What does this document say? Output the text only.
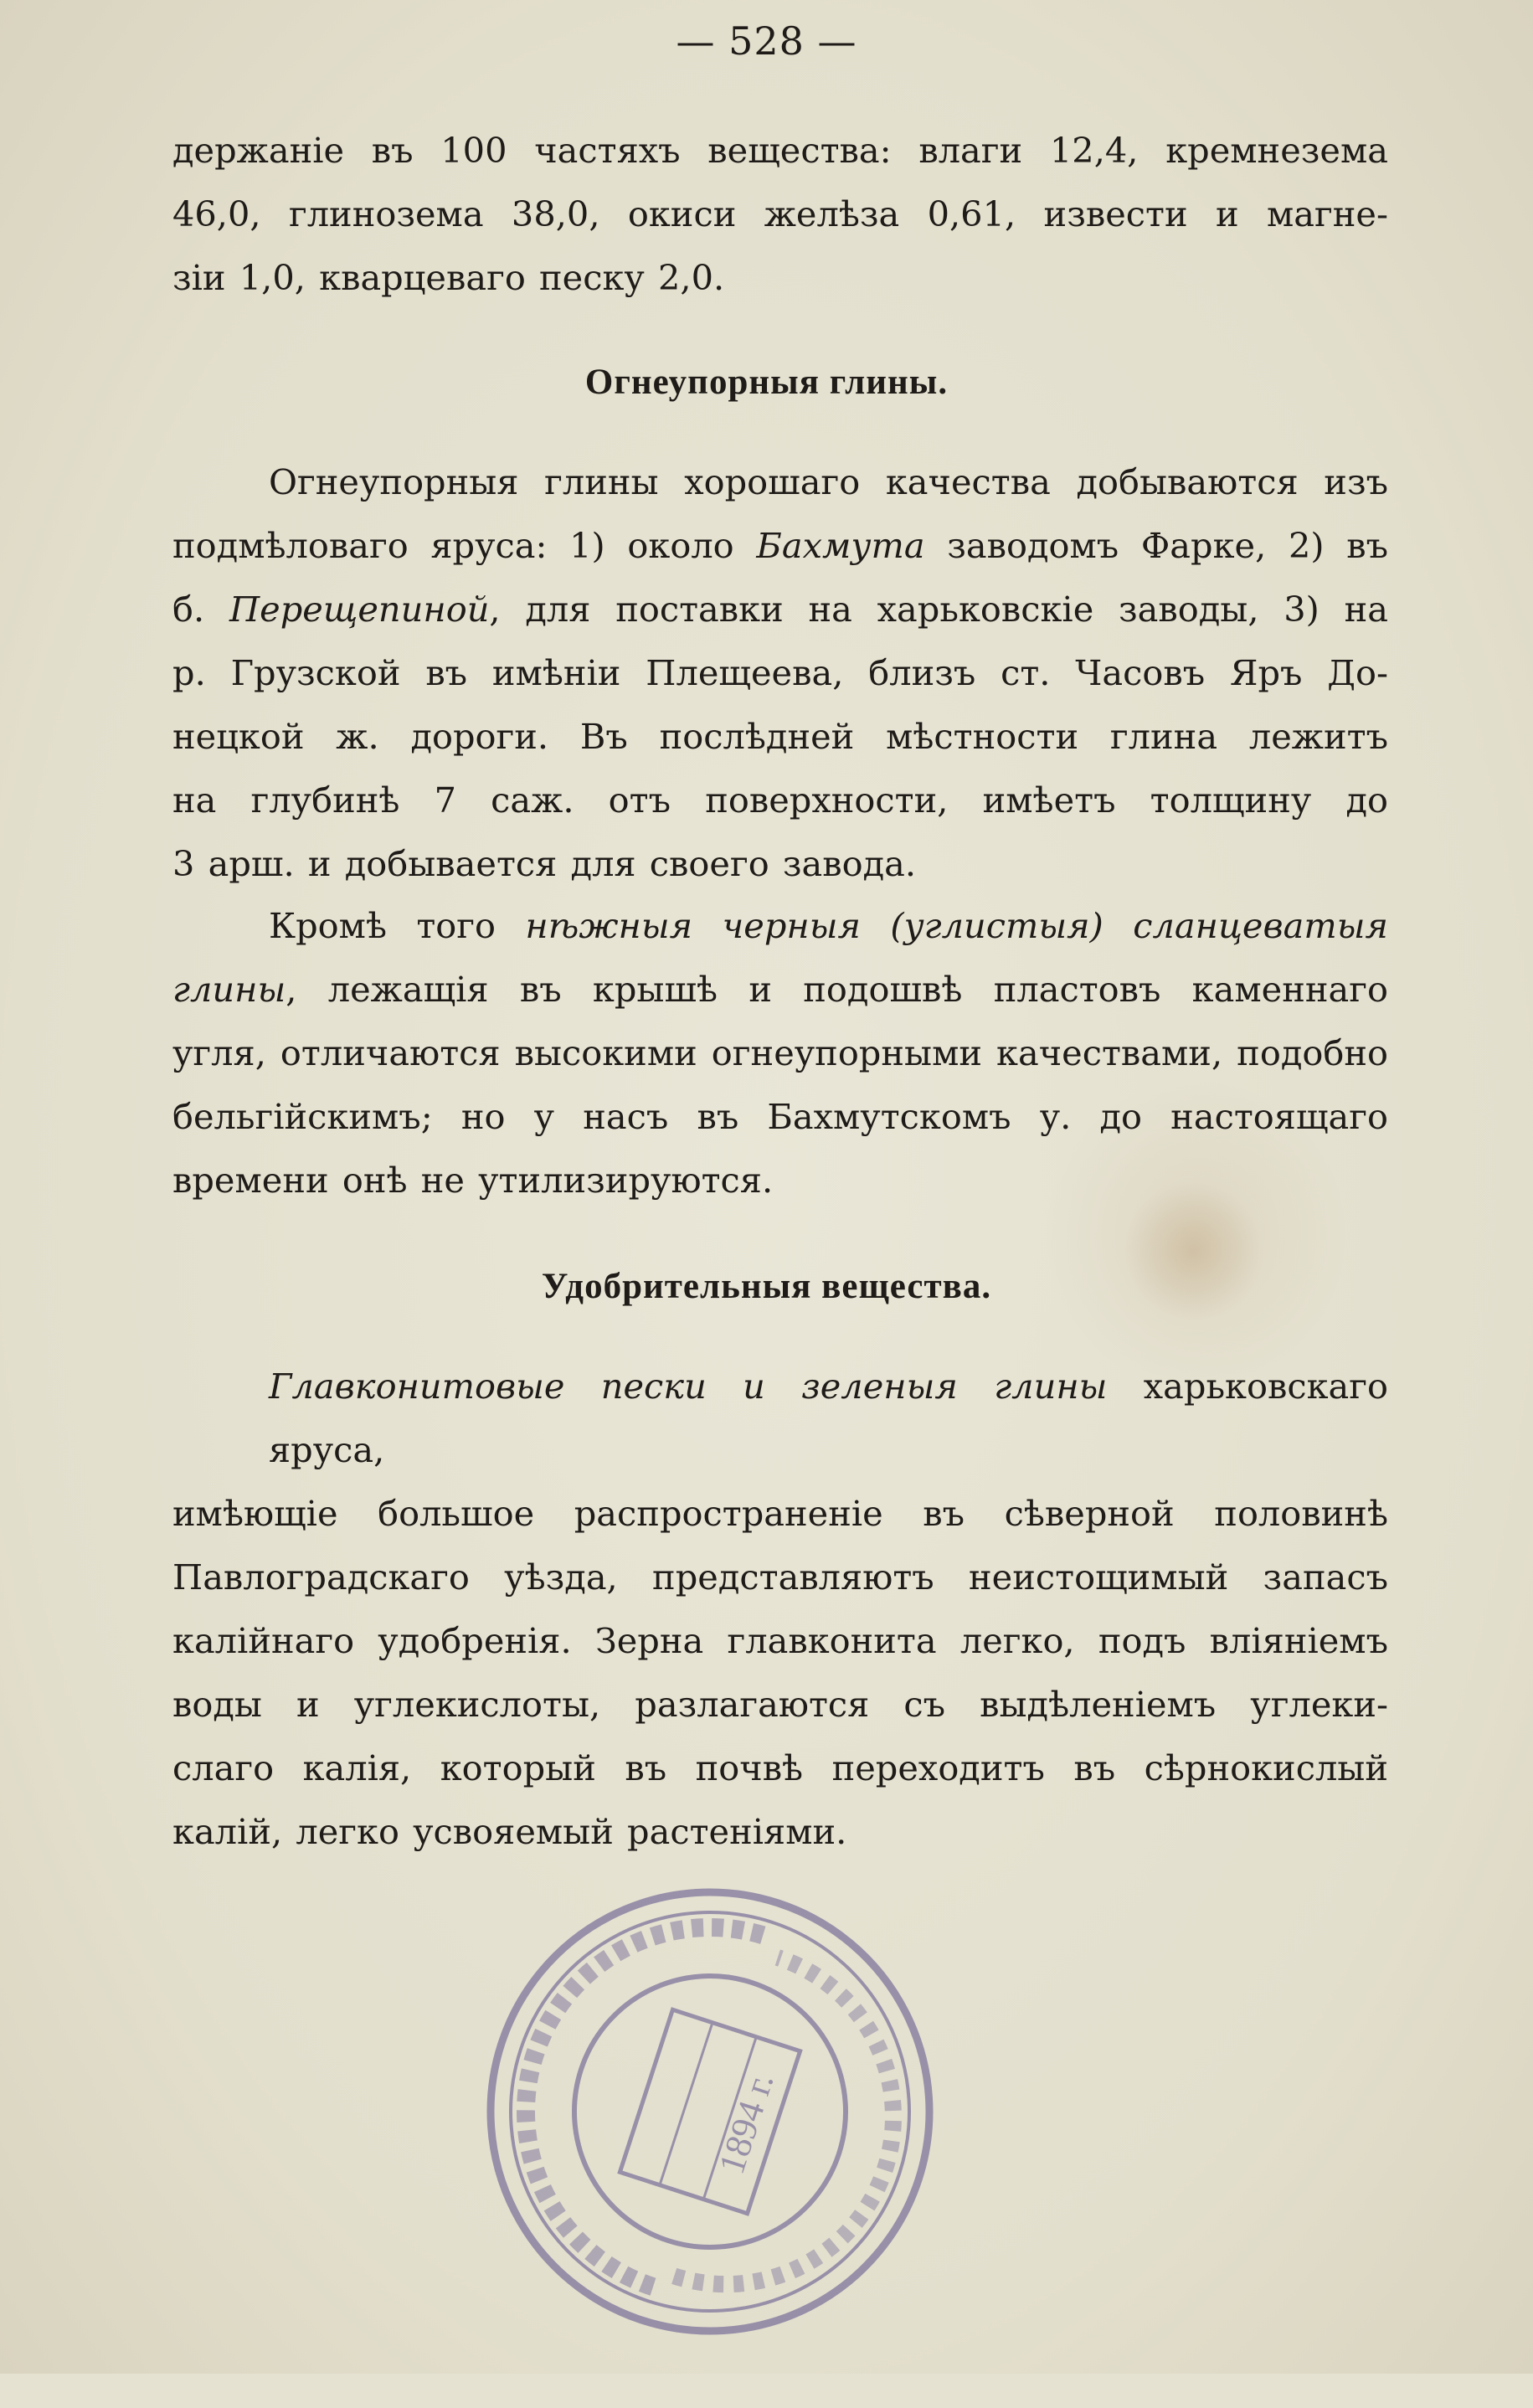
— 528 —
держаніе въ 100 частяхъ вещества: влаги 12,4, кремнезема
46,0, глинозема 38,0, окиси желѣза 0,61, извести и магне-
зіи 1,0, кварцеваго песку 2,0.
Огнеупорныя глины.
Огнеупорныя глины хорошаго качества добываются изъ
подмѣловаго яруса: 1) около Бахмута заводомъ Фарке, 2) въ
б. Перещепиной, для поставки на харьковскіе заводы, 3) на
р. Грузской въ имѣніи Плещеева, близъ ст. Часовъ Яръ До-
нецкой ж. дороги. Въ послѣдней мѣстности глина лежитъ
на глубинѣ 7 саж. отъ поверхности, имѣетъ толщину до
3 арш. и добывается для своего завода.
Кромѣ того нѣжныя черныя (углистыя) сланцеватыя
глины, лежащія въ крышѣ и подошвѣ пластовъ каменнаго
угля, отличаются высокими огнеупорными качествами, подобно
бельгійскимъ; но у насъ въ Бахмутскомъ у. до настоящаго
времени онѣ не утилизируются.
Удобрительныя вещества.
Главконитовые пески и зеленыя глины харьковскаго яруса,
имѣющіе большое распространеніе въ сѣверной половинѣ
Павлоградскаго уѣзда, представляютъ неистощимый запасъ
калійнаго удобренія. Зерна главконита легко, подъ вліяніемъ
воды и углекислоты, разлагаются съ выдѣленіемъ углеки-
слаго калія, который въ почвѣ переходитъ въ сѣрнокислый
калій, легко усвояемый растеніями.
1894 г.
